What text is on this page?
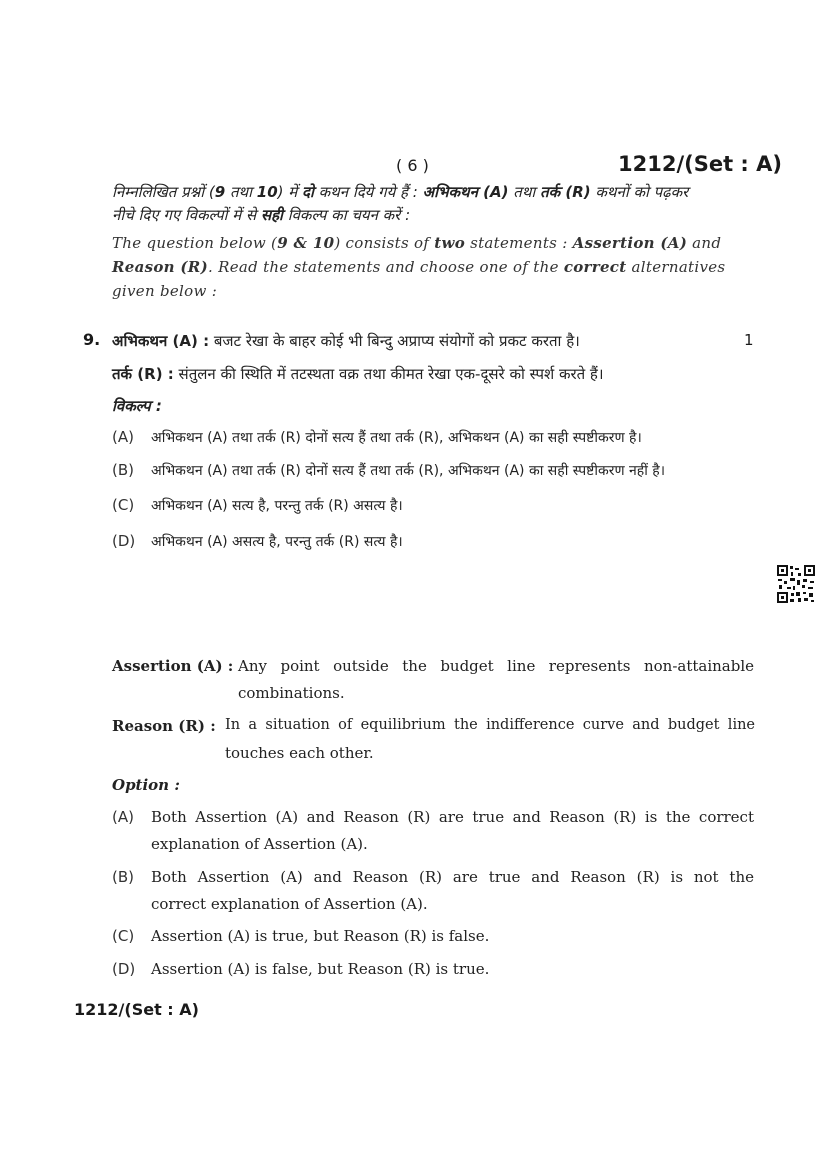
( 6 )	1212/(Set : A)
निम्नलिखित प्रश्नों (9 तथा 10) में दो कथन दिये गये हैं : अभिकथन (A) तथा तर्क (R) कथनों को पढ़कर
नीचे दिए गए विकल्पों में से सही विकल्प का चयन करें :
The question below (9 & 10) consists of two statements : Assertion (A) and
Reason (R). Read the statements and choose one of the correct alternatives
given below :
9.	1
अभिकथन (A) : बजट रेखा के बाहर कोई भी बिन्दु अप्राप्य संयोगों को प्रकट करता है।
तर्क (R) : संतुलन की स्थिति में तटस्थता वक्र तथा कीमत रेखा एक-दूसरे को स्पर्श करते हैं।
विकल्प :
(A) अभिकथन (A) तथा तर्क (R) दोनों सत्य हैं तथा तर्क (R), अभिकथन (A) का सही स्पष्टीकरण है।
(B) अभिकथन (A) तथा तर्क (R) दोनों सत्य हैं तथा तर्क (R), अभिकथन (A) का सही स्पष्टीकरण नहीं है।
(C) अभिकथन (A) सत्य है, परन्तु तर्क (R) असत्य है।
(D) अभिकथन (A) असत्य है, परन्तु तर्क (R) सत्य है।
Assertion (A) : Any point outside the budget line represents non-attainable
combinations.
Reason (R) : In a situation of equilibrium the indifference curve and budget line
touches each other.
Option :
(A) Both Assertion (A) and Reason (R) are true and Reason (R) is the correct
explanation of Assertion (A).
(B) Both Assertion (A) and Reason (R) are true and Reason (R) is not the
correct explanation of Assertion (A).
(C) Assertion (A) is true, but Reason (R) is false.
(D) Assertion (A) is false, but Reason (R) is true.
1212/(Set : A)
